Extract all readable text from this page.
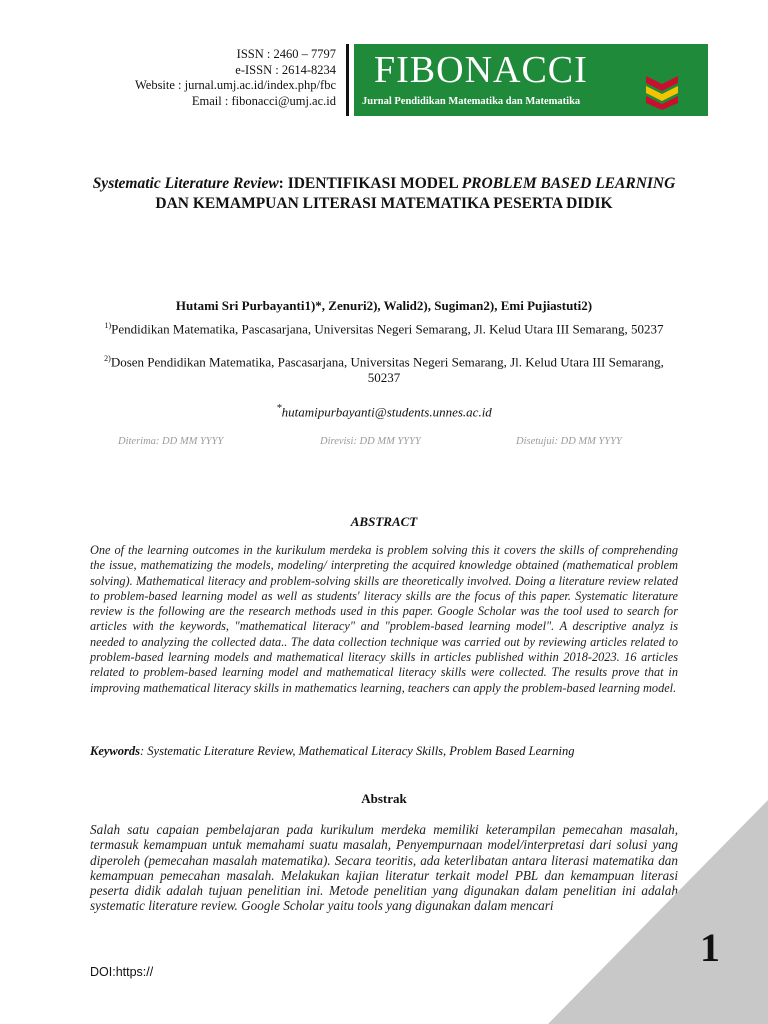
ISSN : 2460 – 7797
e-ISSN : 2614-8234
Website : jurnal.umj.ac.id/index.php/fbc
Email : fibonacci@umj.ac.id
FIBONACCI
Jurnal Pendidikan Matematika dan Matematika
Systematic Literature Review: IDENTIFIKASI MODEL PROBLEM BASED LEARNING DAN KEMAMPUAN LITERASI MATEMATIKA PESERTA DIDIK
Hutami Sri Purbayanti1)*, Zenuri2), Walid2), Sugiman2), Emi Pujiastuti2)
$^{1)}$Pendidikan Matematika, Pascasarjana, Universitas Negeri Semarang, Jl. Kelud Utara III Semarang, 50237
$^{2)}$Dosen Pendidikan Matematika, Pascasarjana, Universitas Negeri Semarang, Jl. Kelud Utara III Semarang, 50237
*hutamipurbayanti@students.unnes.ac.id
Diterima: DD MM YYYY	Direvisi: DD MM YYYY	Disetujui: DD MM YYYY
ABSTRACT
One of the learning outcomes in the kurikulum merdeka is problem solving this it covers the skills of comprehending the issue, mathematizing the models, modeling/ interpreting the acquired knowledge obtained (mathematical problem solving). Mathematical literacy and problem-solving skills are theoretically involved. Doing a literature review related to problem-based learning model as well as students' literacy skills are the focus of this paper. Systematic literature review is the following are the research methods used in this paper. Google Scholar was the tool used to search for articles with the keywords, "mathematical literacy" and "problem-based learning model". A descriptive analyz is needed to analyzing the collected data.. The data collection technique was carried out by reviewing articles related to problem-based learning models and mathematical literacy skills in articles published within 2018-2023. 16 articles related to problem-based learning model and mathematical literacy skills were collected. The results prove that in improving mathematical literacy skills in mathematics learning, teachers can apply the problem-based learning model.
Keywords: Systematic Literature Review, Mathematical Literacy Skills, Problem Based Learning
Abstrak
Salah satu capaian pembelajaran pada kurikulum merdeka memiliki keterampilan pemecahan masalah, termasuk kemampuan untuk memahami suatu masalah, Penyempurnaan model/interpretasi dari solusi yang diperoleh (pemecahan masalah matematika). Secara teoritis, ada keterlibatan antara literasi matematika dan kemampuan pemecahan masalah. Melakukan kajian literatur terkait model PBL dan kemampuan literasi peserta didik adalah tujuan penelitian ini. Metode penelitian yang digunakan dalam penelitian ini adalah systematic literature review. Google Scholar yaitu tools yang digunakan dalam mencari
1
DOI:https://
